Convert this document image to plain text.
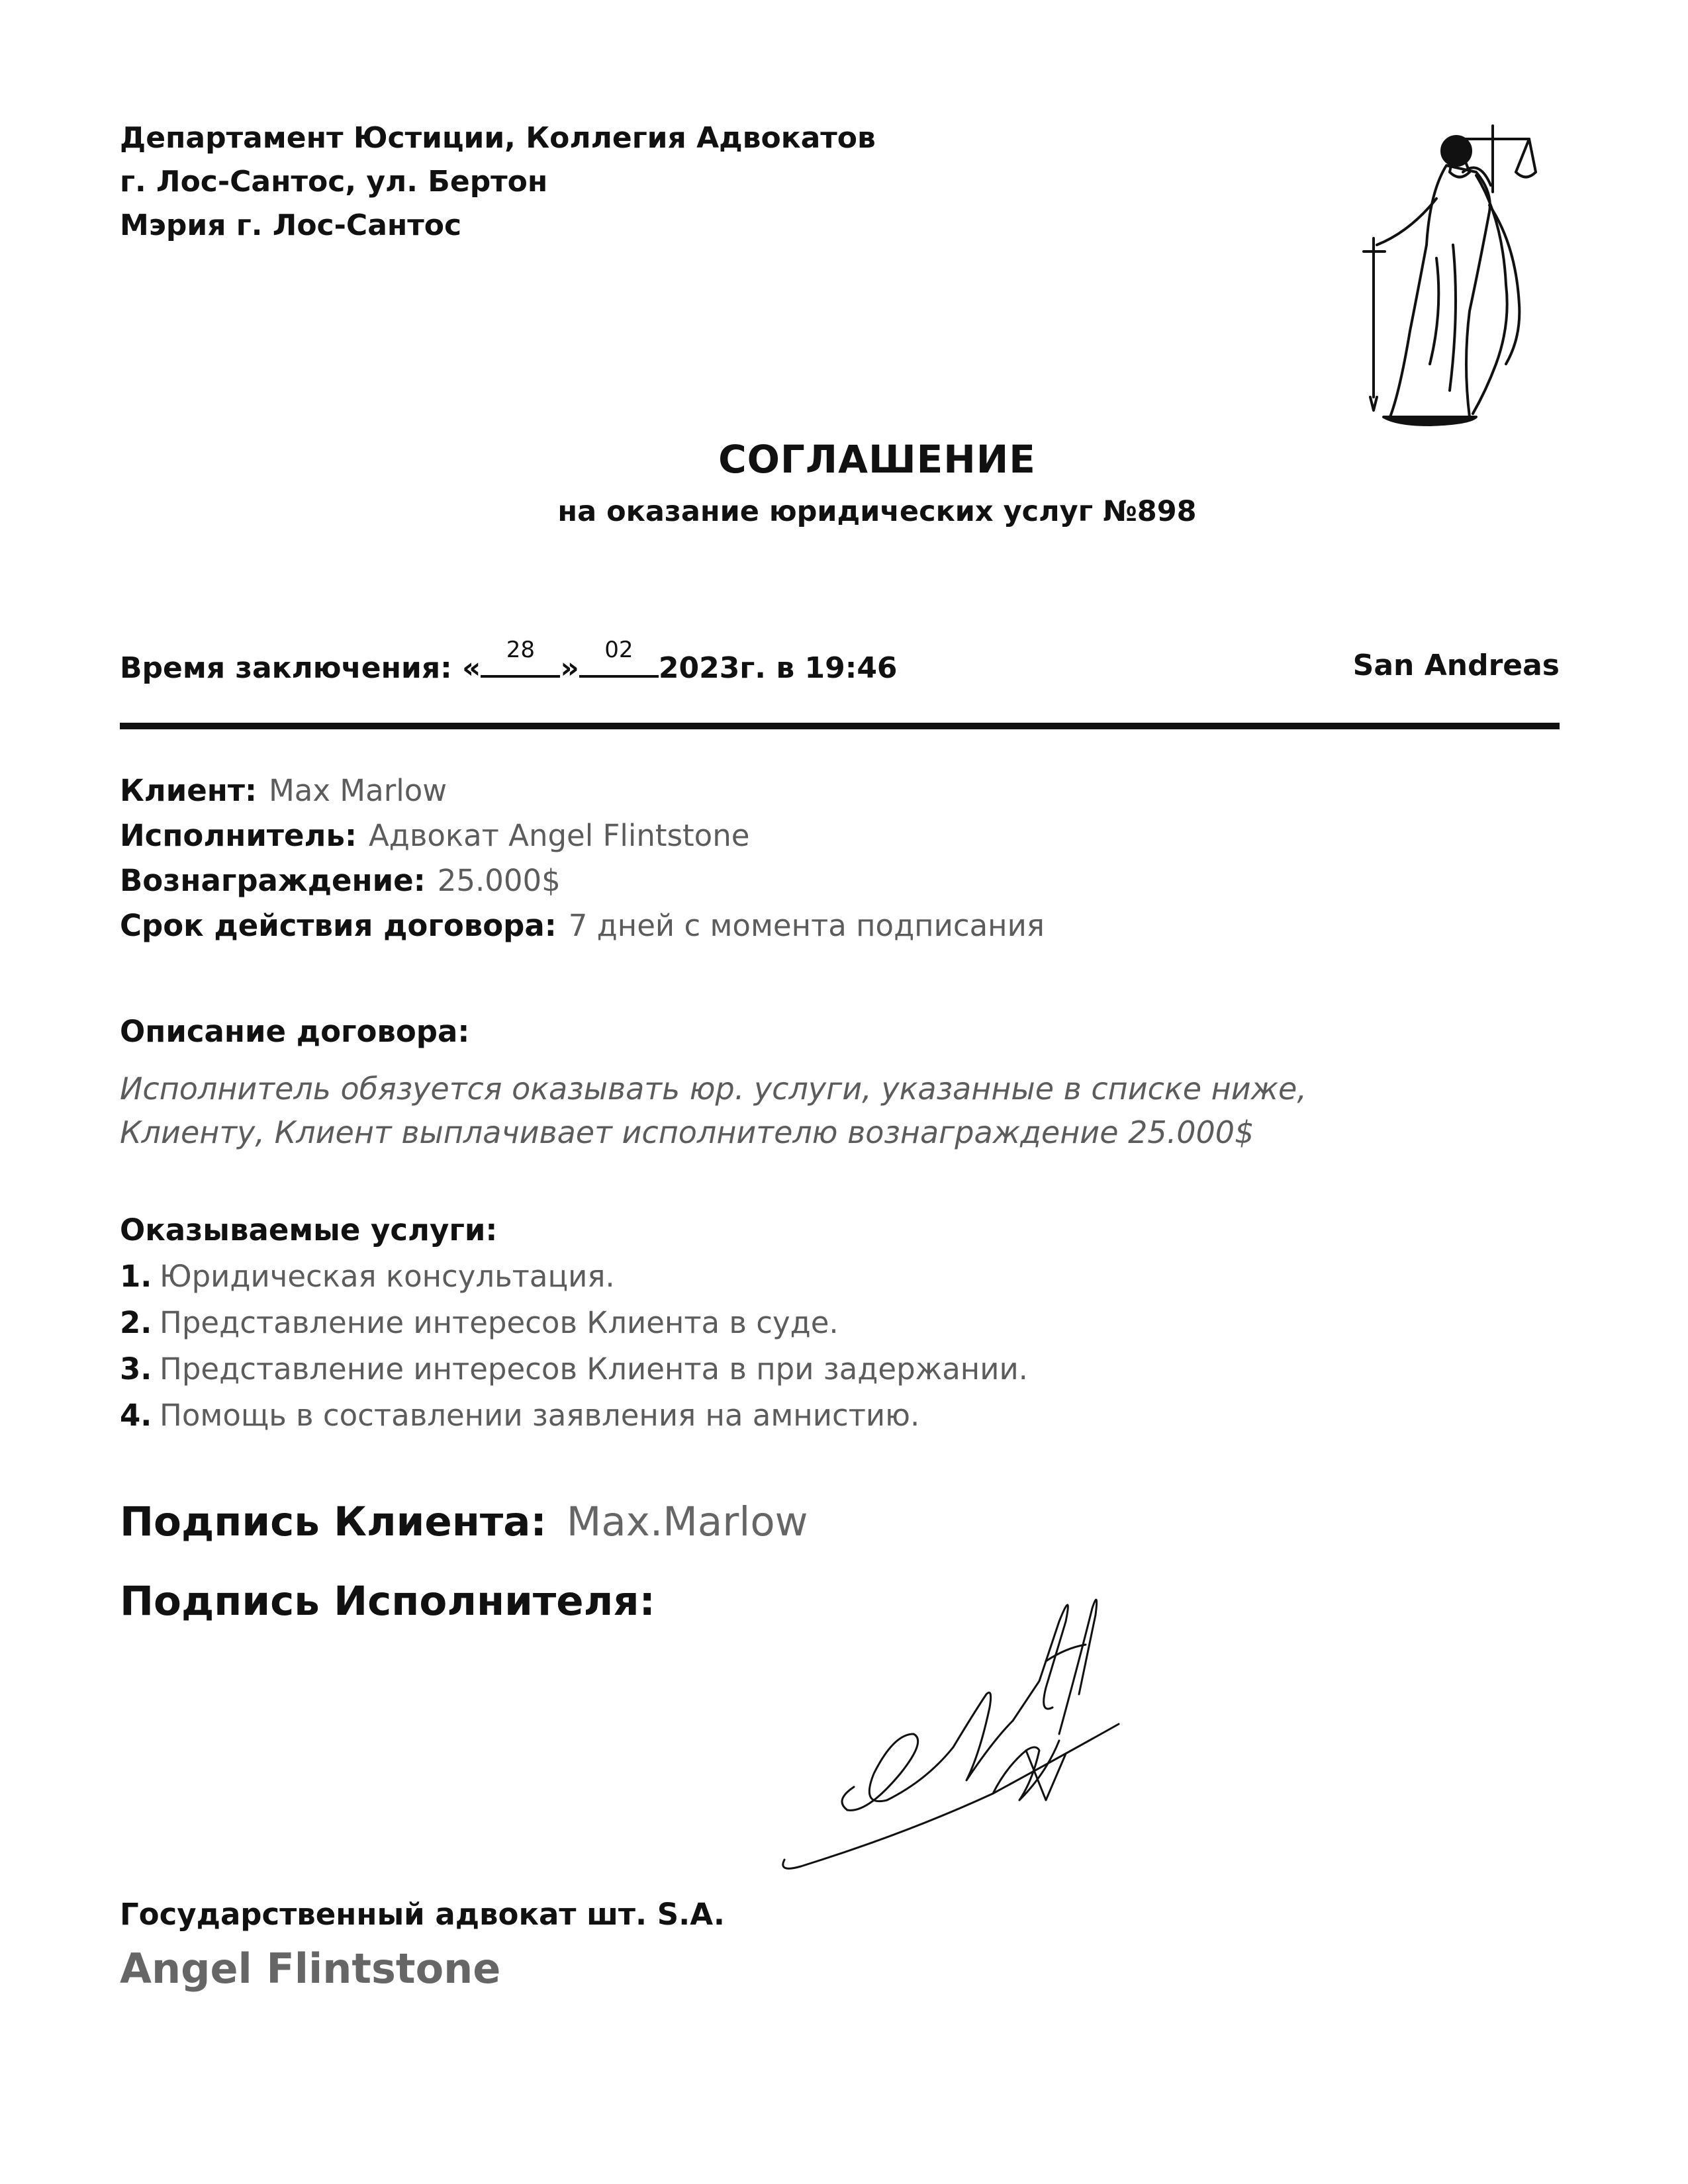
Департамент Юстиции, Коллегия Адвокатов
г. Лос-Сантос, ул. Бертон
Мэрия г. Лос-Сантос
СОГЛАШЕНИЕ
на оказание юридических услуг №898
Время заключения: «
28
»
02
2023г. в 19:46	San Andreas
Клиент: Max Marlow
Исполнитель: Адвокат Angel Flintstone
Вознаграждение: 25.000$
Срок действия договора: 7 дней с момента подписания
Описание договора:
Исполнитель обязуется оказывать юр. услуги, указанные в списке ниже,
Клиенту, Клиент выплачивает исполнителю вознаграждение 25.000$
Оказываемые услуги:
1. Юридическая консультация.
2. Представление интересов Клиента в суде.
3. Представление интересов Клиента в при задержании.
4. Помощь в составлении заявления на амнистию.
Подпись Клиента: Max.Marlow
Подпись Исполнителя:
Государственный адвокат шт. S.A.
Angel Flintstone
